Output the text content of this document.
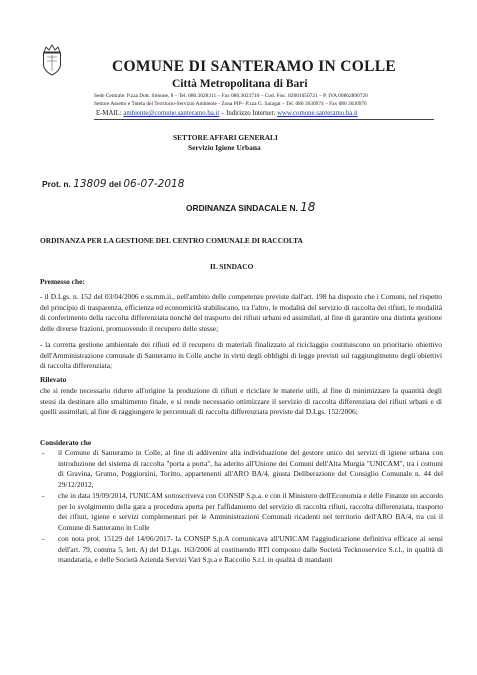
COMUNE DI SANTERAMO IN COLLE
Città Metropolitana di Bari
Sede Centrale: P.zza Dott. Simone, 8 – Tel. 080.3028311 – Fax 080.3023710 – Cod. Fisc. 82001050721 – P. IVA 00862890720
Settore Assetto e Tutela del Territorio-Servizio Ambiente - Zona PIP– P.zza G. Saragat – Tel. 080 3030974 – Fax 080 3030976
E-MAIL: ambiente@comune.santeramo.ba.it – Indirizzo Internet: www.comune.santeramo.ba.it
SETTORE AFFARI GENERALI
Servizio Igiene Urbana
Prot. n. 13809 del 06-07-2018
ORDINANZA SINDACALE N. 18
ORDINANZA PER LA GESTIONE DEL CENTRO COMUNALE DI RACCOLTA
IL SINDACO
Premesso che:
- il D.Lgs. n. 152 del 03/04/2006 e ss.mm.ii., nell'ambito delle competenze previste dall'art. 198 ha disposto che i Comuni, nel rispetto del principio di trasparenza, efficienza ed economicità stabiliscano, tra l'altro, le modalità del servizio di raccolta dei rifiuti, le modalità di conferimento della raccolta differenziata nonché del trasporto dei rifiuti urbani ed assimilati, al fine di garantire una distinta gestione delle diverse frazioni, promuovendo il recupero delle stesse;
- la corretta gestione ambientale dei rifiuti ed il recupero di materiali finalizzato al riciclaggio costituiscono un prioritario obiettivo dell'Amministrazione comunale di Santeramo in Colle anche in virtù degli obblighi di legge previsti sul raggiungimento degli obiettivi di raccolta differenziata;
Rilevato
che si rende necessario ridurre all'origine la produzione di rifiuti e riciclare le materie utili, al fine di minimizzare la quantità degli stessi da destinare allo smaltimento finale, e si rende necessario ottimizzare il servizio di raccolta differenziata dei rifiuti urbani e di quelli assimilati, al fine di raggiungere le percentuali di raccolta differenziata previste dal D.Lgs. 152/2006;
Considerato che
- il Comune di Santeramo in Colle, al fine di addivenire alla individuazione del gestore unico dei servizi di igiene urbana con introduzione del sistema di raccolta "porta a porta", ha aderito all'Unione dei Comuni dell'Alta Murgia "UNICAM", tra i comuni di Gravina, Grumo, Poggiorsini, Toritto, appartenenti all'ARO BA/4, giusta Deliberazione del Consiglio Comunale n. 44 del 29/12/2012,
- che in data 19/09/2014, l'UNICAM sottoscriveva con CONSIP S.p.a. e con il Ministero dell'Economia e delle Finanze un accordo per lo svolgimento della gara a procedura aperta per l'affidamento del servizio di raccolta rifiuti, raccolta differenziata, trasporto dei rifiuti, igiene e servizi complementari per le Amministrazioni Comunali ricadenti nel territorio dell'ARO BA/4, tra cui il Comune di Santeramo in Colle
- con nota prot. 15129 del 14/06/2017- la CONSIP S.p.A comunicava all'UNICAM l'aggiudicazione definitiva efficace ai sensi dell'art. 79, comma 5, lett. A) del D.Lgs. 163/2006 al costituendo RTI composto dalle Società Tecknoservice S.r.l., in qualità di mandataria, e delle Società Azienda Servizi Vari S.p.a e Raccolio S.r.l. in qualità di mandanti
